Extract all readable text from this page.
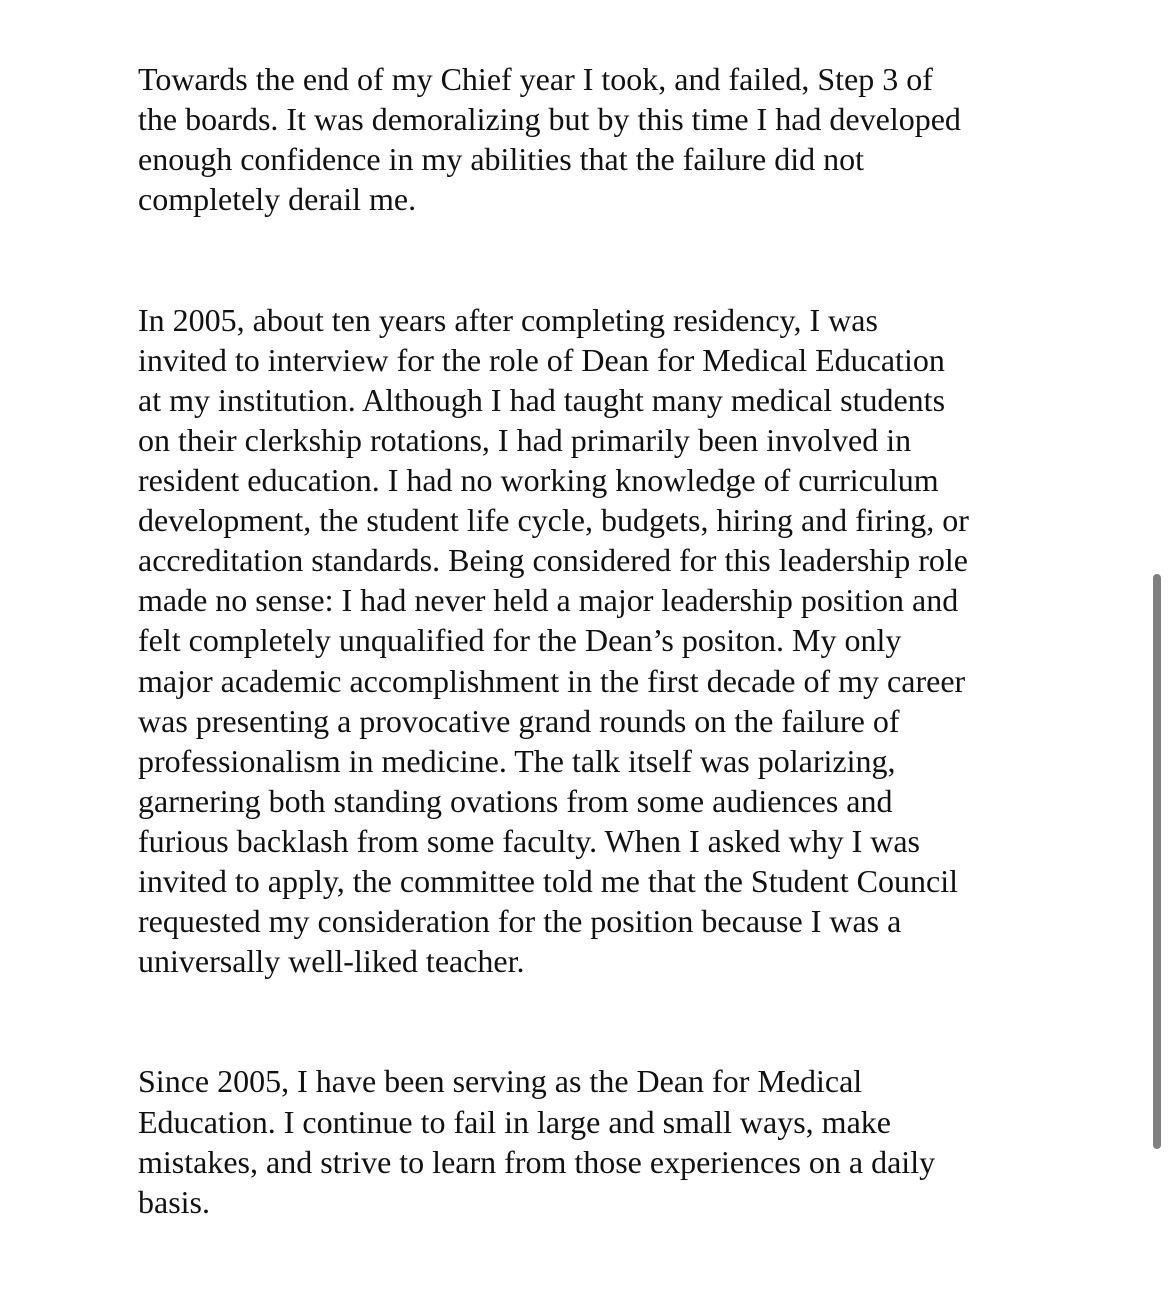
Towards the end of my Chief year I took, and failed, Step 3 of
the boards. It was demoralizing but by this time I had developed
enough confidence in my abilities that the failure did not
completely derail me.

In 2005, about ten years after completing residency, I was
invited to interview for the role of Dean for Medical Education
at my institution. Although I had taught many medical students
on their clerkship rotations, I had primarily been involved in
resident education. I had no working knowledge of curriculum
development, the student life cycle, budgets, hiring and firing, or
accreditation standards. Being considered for this leadership role
made no sense: I had never held a major leadership position and
felt completely unqualified for the Dean’s positon. My only
major academic accomplishment in the first decade of my career
was presenting a provocative grand rounds on the failure of
professionalism in medicine. The talk itself was polarizing,
garnering both standing ovations from some audiences and
furious backlash from some faculty. When I asked why I was
invited to apply, the committee told me that the Student Council
requested my consideration for the position because I was a
universally well-liked teacher.

Since 2005, I have been serving as the Dean for Medical
Education. I continue to fail in large and small ways, make
mistakes, and strive to learn from those experiences on a daily
basis.
